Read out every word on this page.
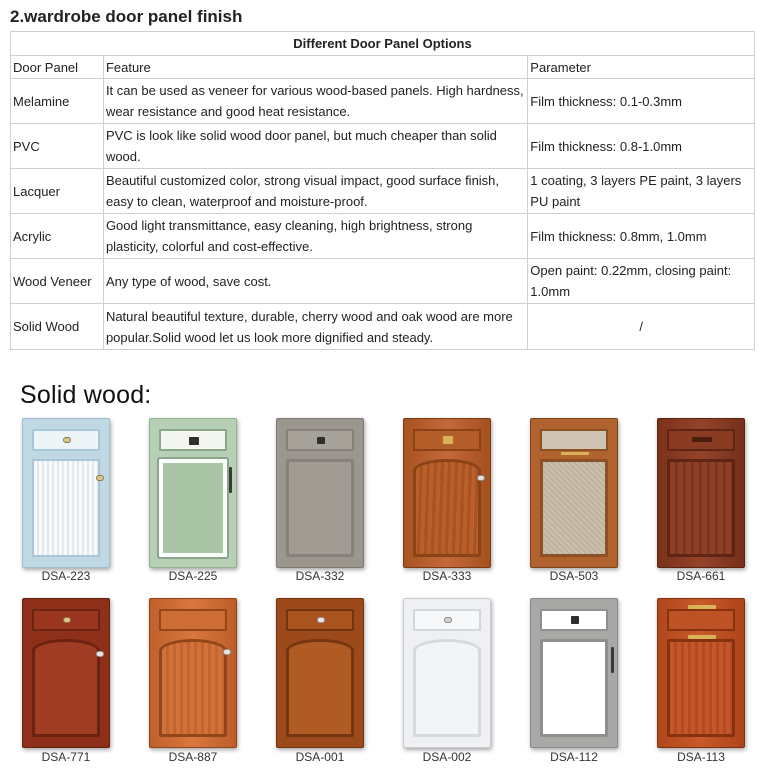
2.wardrobe door panel finish
Different Door Panel Options		
Door Panel	Feature	Parameter
Melamine	It can be used as veneer for various wood-based panels. High hardness, wear resistance and good heat resistance.	Film thickness: 0.1-0.3mm
PVC	PVC is look like solid wood door panel, but much cheaper than solid wood.	Film thickness: 0.8-1.0mm
Lacquer	Beautiful customized color, strong visual impact, good surface finish, easy to clean, waterproof and moisture-proof.	1 coating, 3 layers PE paint, 3 layers PU paint
Acrylic	Good light transmittance, easy cleaning, high brightness, strong plasticity, colorful and cost-effective.	Film thickness: 0.8mm, 1.0mm
Wood Veneer	Any type of wood, save cost.	Open paint: 0.22mm, closing paint: 1.0mm
Solid Wood	Natural beautiful texture, durable, cherry wood and oak wood are more popular.Solid wood let us look more dignified and steady.	/
Solid wood:
DSA-223	DSA-225	DSA-332	DSA-333	DSA-503	DSA-661
DSA-771	DSA-887	DSA-001	DSA-002	DSA-112	DSA-113
